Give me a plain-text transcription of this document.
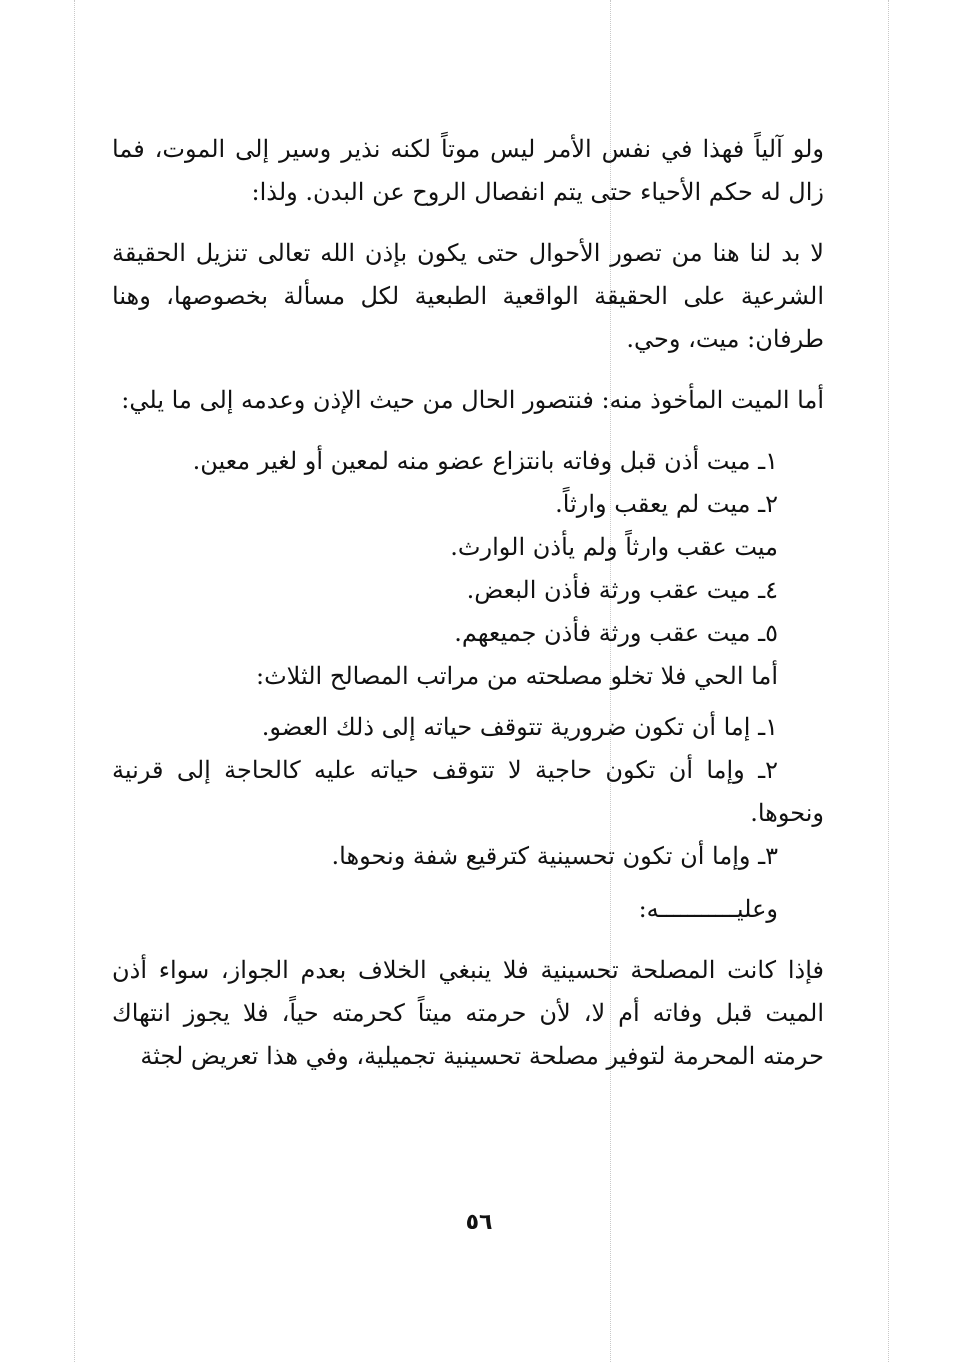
ولو آلياً فهذا في نفس الأمر ليس موتاً لكنه نذير وسير إلى الموت، فما زال له حكم الأحياء حتى يتم انفصال الروح عن البدن. ولذا:

لا بد لنا هنا من تصور الأحوال حتى يكون بإذن الله تعالى تنزيل الحقيقة الشرعية على الحقيقة الواقعية الطبعية لكل مسألة بخصوصها، وهنا طرفان: ميت، وحي.

أما الميت المأخوذ منه: فنتصور الحال من حيث الإذن وعدمه إلى ما يلي:

١ـ ميت أذن قبل وفاته بانتزاع عضو منه لمعين أو لغير معين.

٢ـ ميت لم يعقب وارثاً.

ميت عقب وارثاً ولم يأذن الوارث.

٤ـ ميت عقب ورثة فأذن البعض.

٥ـ ميت عقب ورثة فأذن جميعهم.

أما الحي فلا تخلو مصلحته من مراتب المصالح الثلاث:

١ـ إما أن تكون ضرورية تتوقف حياته إلى ذلك العضو.

٢ـ وإما أن تكون حاجية لا تتوقف حياته عليه كالحاجة إلى قرنية ونحوها.

٣ـ وإما أن تكون تحسينية كترقيع شفة ونحوها.

وعليـــــــــــه:

فإذا كانت المصلحة تحسينية فلا ينبغي الخلاف بعدم الجواز، سواء أذن الميت قبل وفاته أم لا، لأن حرمته ميتاً كحرمته حياً، فلا يجوز انتهاك حرمته المحرمة لتوفير مصلحة تحسينية تجميلية، وفي هذا تعريض لجثة

٥٦
